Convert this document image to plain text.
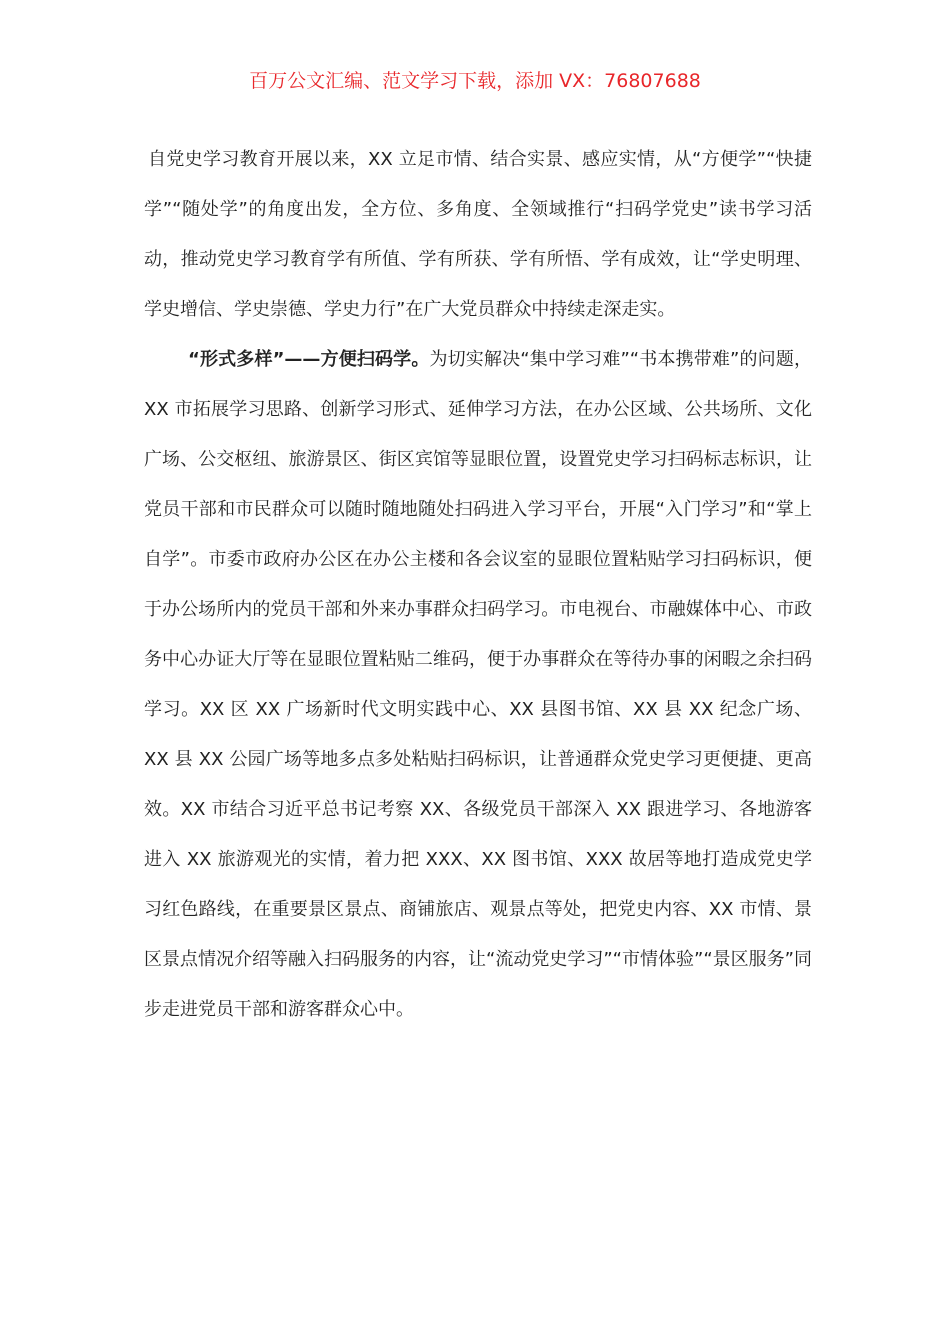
百万公文汇编、范文学习下载，添加 VX：76807688

自党史学习教育开展以来，XX 立足市情、结合实景、感应实情，从“方便学”“快捷学”“随处学”的角度出发，全方位、多角度、全领域推行“扫码学党史”读书学习活动，推动党史学习教育学有所值、学有所获、学有所悟、学有成效，让“学史明理、学史增信、学史崇德、学史力行”在广大党员群众中持续走深走实。

“形式多样”——方便扫码学。为切实解决“集中学习难”“书本携带难”的问题，XX 市拓展学习思路、创新学习形式、延伸学习方法，在办公区域、公共场所、文化广场、公交枢纽、旅游景区、街区宾馆等显眼位置，设置党史学习扫码标志标识，让党员干部和市民群众可以随时随地随处扫码进入学习平台，开展“入门学习”和“掌上自学”。市委市政府办公区在办公主楼和各会议室的显眼位置粘贴学习扫码标识，便于办公场所内的党员干部和外来办事群众扫码学习。市电视台、市融媒体中心、市政务中心办证大厅等在显眼位置粘贴二维码，便于办事群众在等待办事的闲暇之余扫码学习。XX 区 XX 广场新时代文明实践中心、XX 县图书馆、XX 县 XX 纪念广场、XX 县 XX 公园广场等地多点多处粘贴扫码标识，让普通群众党史学习更便捷、更高效。XX 市结合习近平总书记考察 XX、各级党员干部深入 XX 跟进学习、各地游客进入 XX 旅游观光的实情，着力把 XXX、XX 图书馆、XXX 故居等地打造成党史学习红色路线，在重要景区景点、商铺旅店、观景点等处，把党史内容、XX 市情、景区景点情况介绍等融入扫码服务的内容，让“流动党史学习”“市情体验”“景区服务”同步走进党员干部和游客群众心中。
